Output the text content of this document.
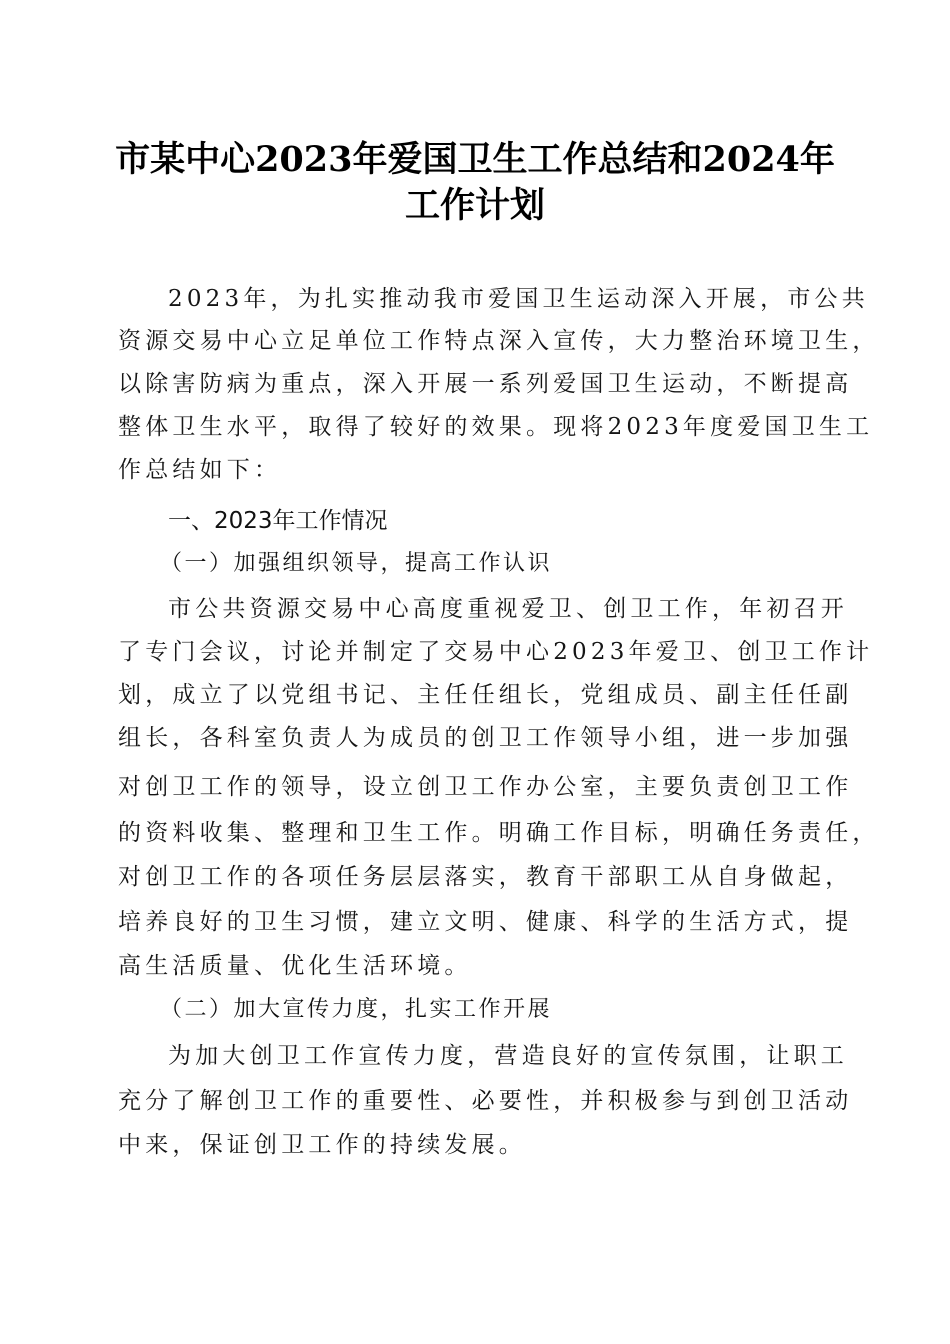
市某中心2023年爱国卫生工作总结和2024年
工作计划
2023年，为扎实推动我市爱国卫生运动深入开展，市公共
资源交易中心立足单位工作特点深入宣传，大力整治环境卫生，
以除害防病为重点，深入开展一系列爱国卫生运动，不断提高
整体卫生水平，取得了较好的效果。现将2023年度爱国卫生工
作总结如下：
一、2023年工作情况
（一）加强组织领导，提高工作认识
市公共资源交易中心高度重视爱卫、创卫工作，年初召开
了专门会议，讨论并制定了交易中心2023年爱卫、创卫工作计
划，成立了以党组书记、主任任组长，党组成员、副主任任副
组长，各科室负责人为成员的创卫工作领导小组，进一步加强
对创卫工作的领导，设立创卫工作办公室，主要负责创卫工作
的资料收集、整理和卫生工作。明确工作目标，明确任务责任，
对创卫工作的各项任务层层落实，教育干部职工从自身做起，
培养良好的卫生习惯，建立文明、健康、科学的生活方式，提
高生活质量、优化生活环境。
（二）加大宣传力度，扎实工作开展
为加大创卫工作宣传力度，营造良好的宣传氛围，让职工
充分了解创卫工作的重要性、必要性，并积极参与到创卫活动
中来，保证创卫工作的持续发展。
